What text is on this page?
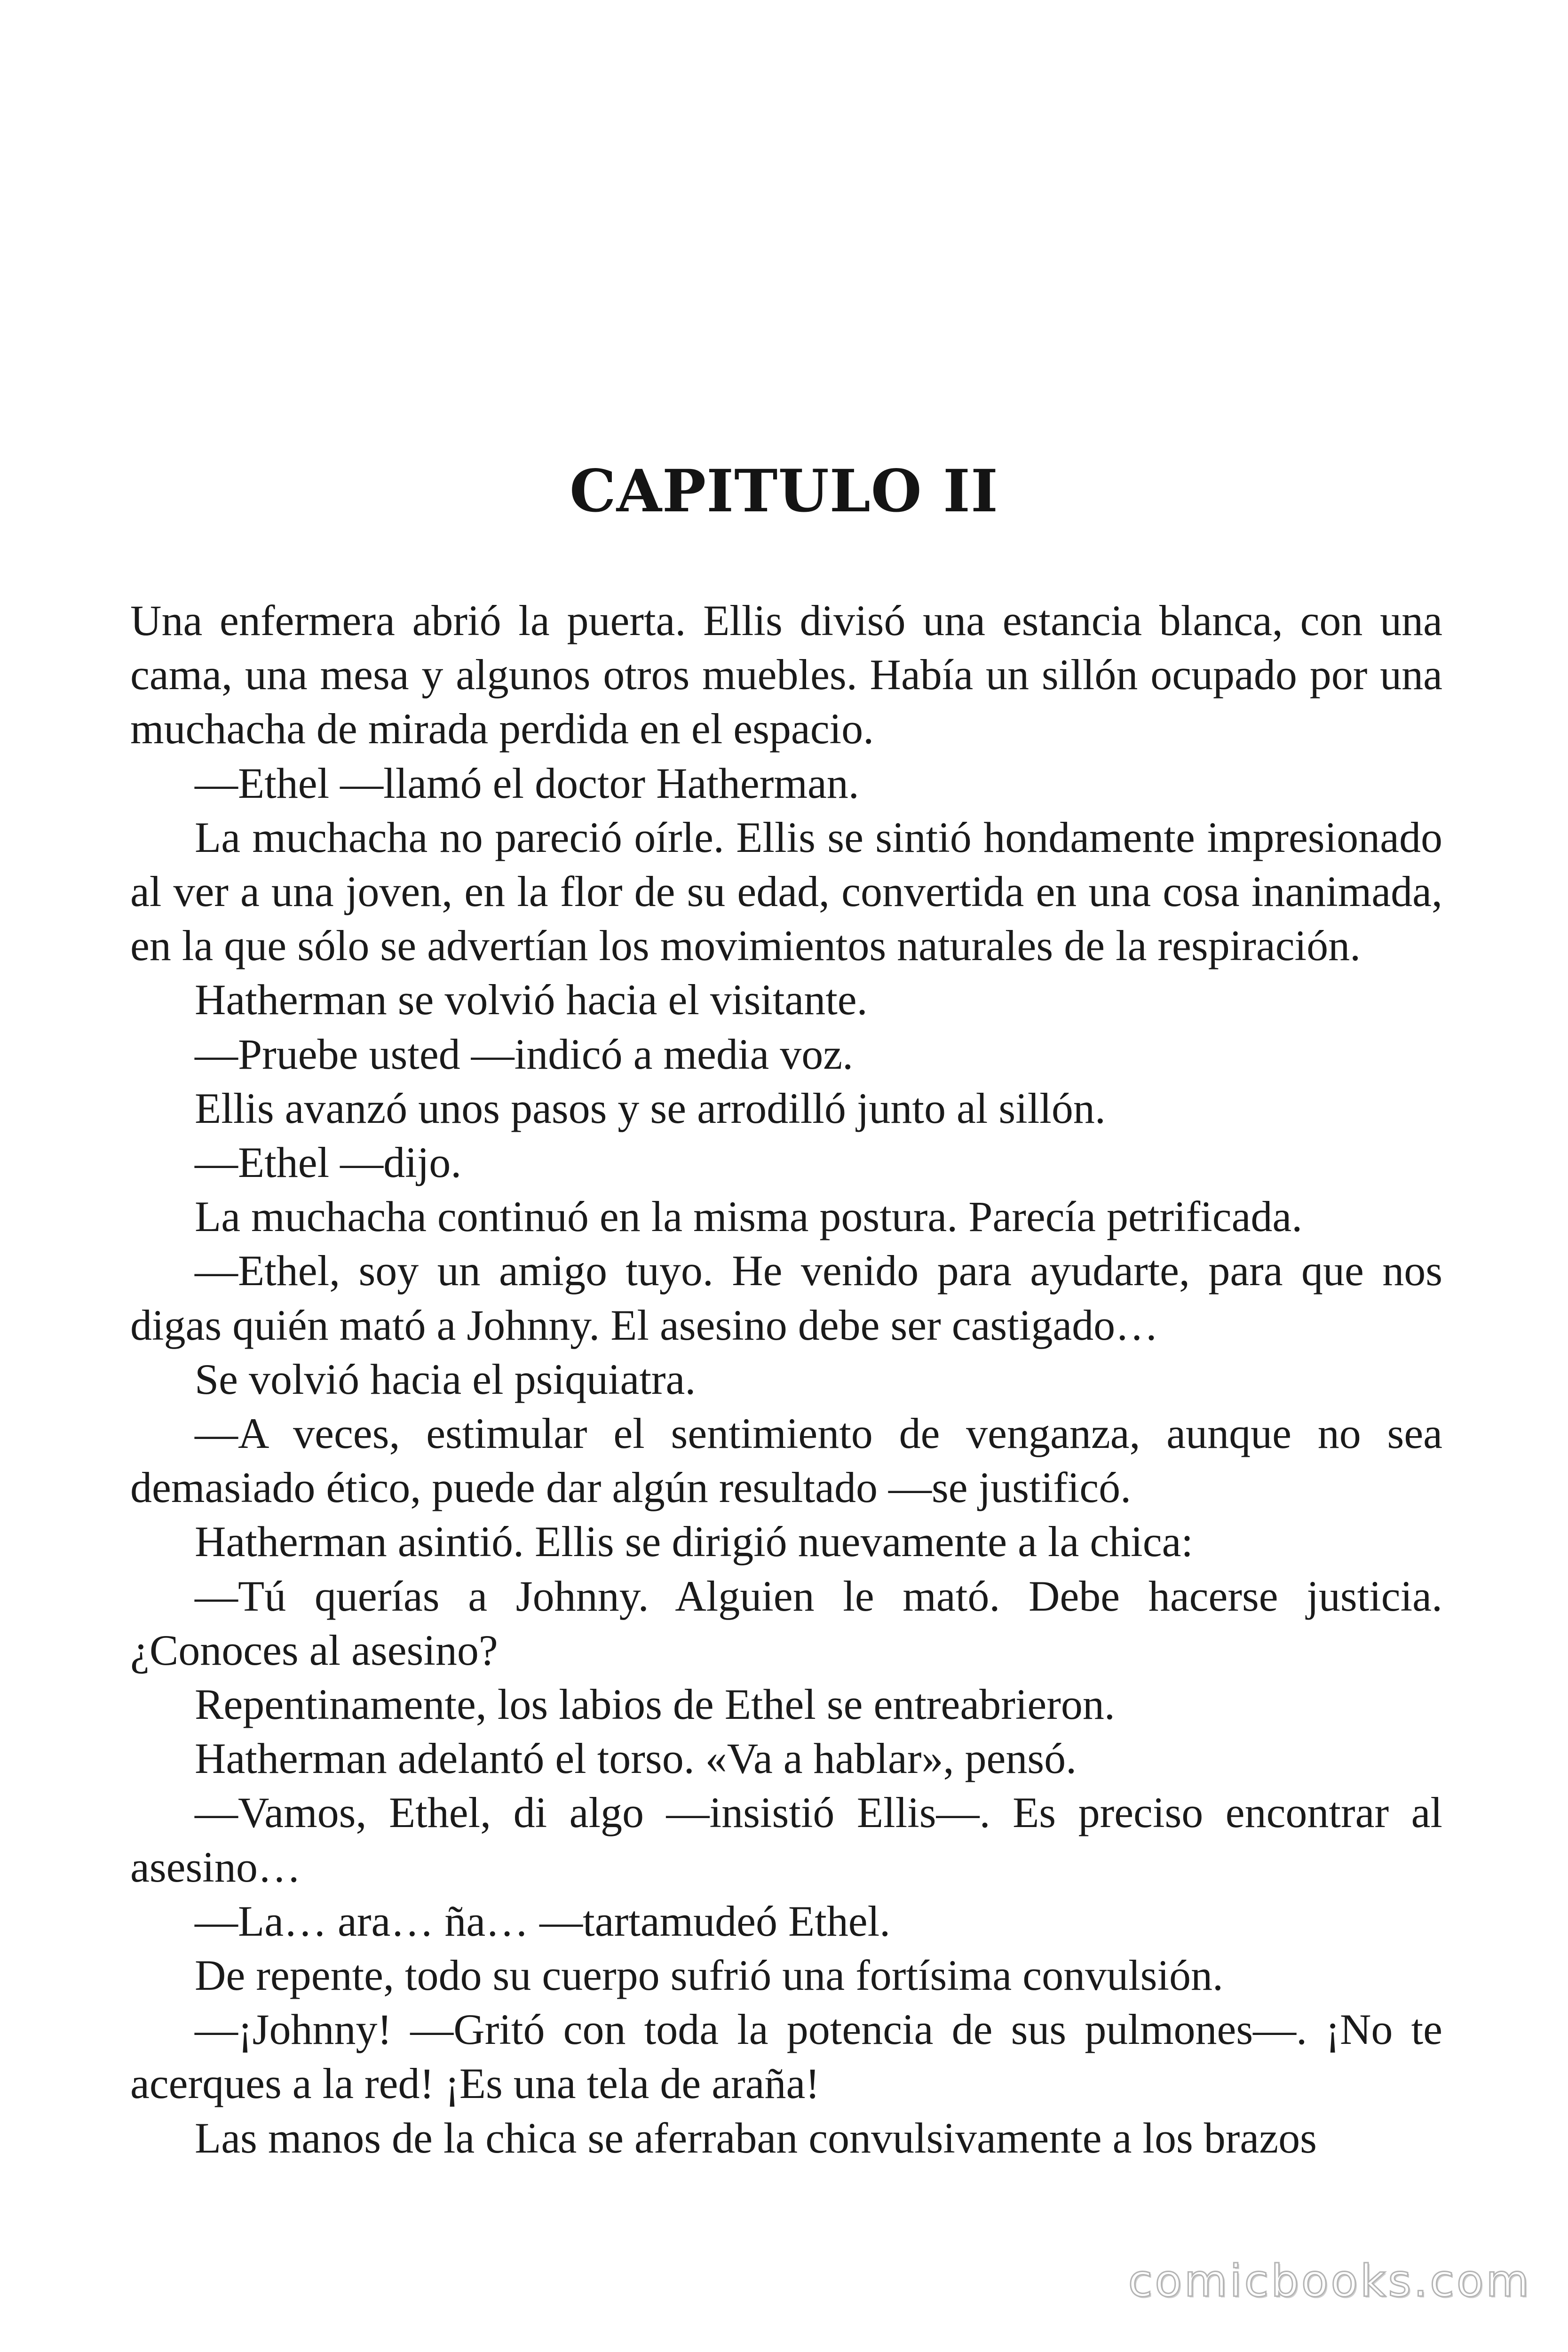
CAPITULO II

Una enfermera abrió la puerta. Ellis divisó una estancia blanca, con una cama, una mesa y algunos otros muebles. Había un sillón ocupado por una muchacha de mirada perdida en el espacio.

—Ethel —llamó el doctor Hatherman.

La muchacha no pareció oírle. Ellis se sintió hondamente impresionado al ver a una joven, en la flor de su edad, convertida en una cosa inanimada, en la que sólo se advertían los movimientos naturales de la respiración.

Hatherman se volvió hacia el visitante.

—Pruebe usted —indicó a media voz.

Ellis avanzó unos pasos y se arrodilló junto al sillón.

—Ethel —dijo.

La muchacha continuó en la misma postura. Parecía petrificada.

—Ethel, soy un amigo tuyo. He venido para ayudarte, para que nos digas quién mató a Johnny. El asesino debe ser castigado…

Se volvió hacia el psiquiatra.

—A veces, estimular el sentimiento de venganza, aunque no sea demasiado ético, puede dar algún resultado —se justificó.

Hatherman asintió. Ellis se dirigió nuevamente a la chica:

—Tú querías a Johnny. Alguien le mató. Debe hacerse justicia. ¿Conoces al asesino?

Repentinamente, los labios de Ethel se entreabrieron.

Hatherman adelantó el torso. «Va a hablar», pensó.

—Vamos, Ethel, di algo —insistió Ellis—. Es preciso encontrar al asesino…

—La… ara… ña… —tartamudeó Ethel.

De repente, todo su cuerpo sufrió una fortísima convulsión.

—¡Johnny! —Gritó con toda la potencia de sus pulmones—. ¡No te acerques a la red! ¡Es una tela de araña!

Las manos de la chica se aferraban convulsivamente a los brazos

comicbooks.com
